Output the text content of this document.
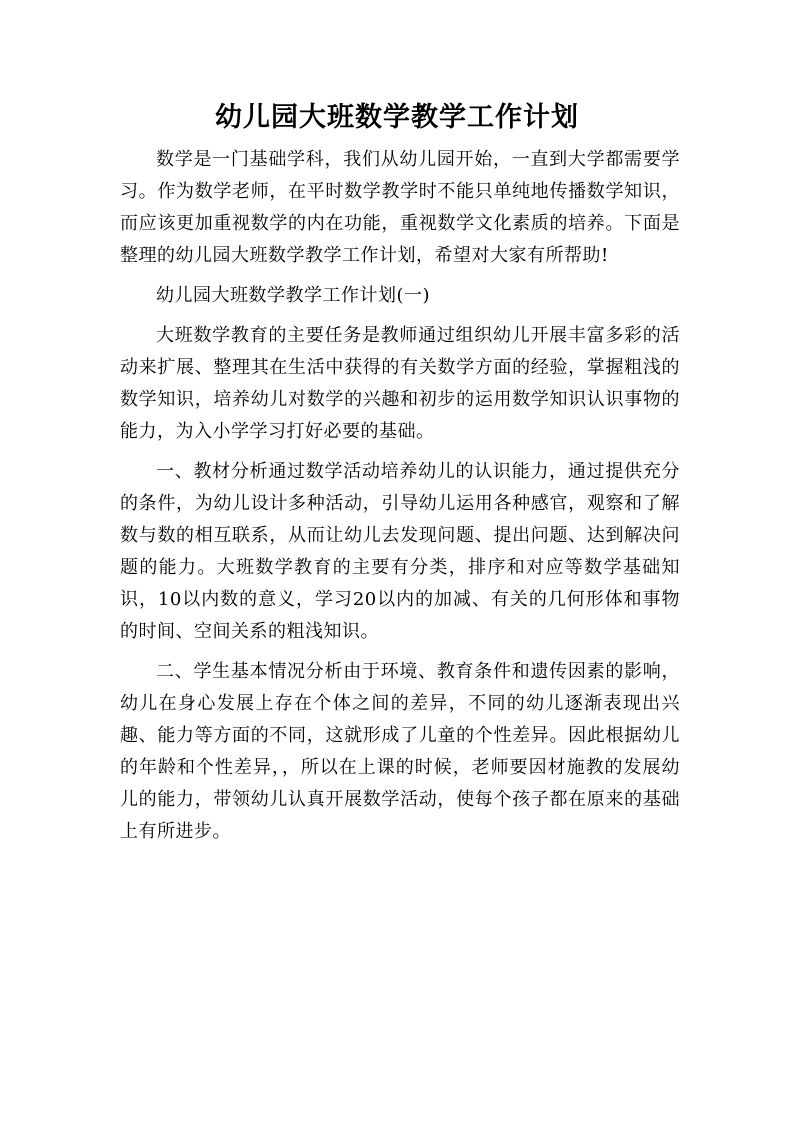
幼儿园大班数学教学工作计划

数学是一门基础学科，我们从幼儿园开始，一直到大学都需要学习。作为数学老师，在平时数学教学时不能只单纯地传播数学知识，而应该更加重视数学的内在功能，重视数学文化素质的培养。下面是整理的幼儿园大班数学教学工作计划，希望对大家有所帮助!

幼儿园大班数学教学工作计划(一)

大班数学教育的主要任务是教师通过组织幼儿开展丰富多彩的活动来扩展、整理其在生活中获得的有关数学方面的经验，掌握粗浅的数学知识，培养幼儿对数学的兴趣和初步的运用数学知识认识事物的能力，为入小学学习打好必要的基础。

一、教材分析通过数学活动培养幼儿的认识能力，通过提供充分的条件，为幼儿设计多种活动，引导幼儿运用各种感官，观察和了解数与数的相互联系，从而让幼儿去发现问题、提出问题、达到解决问题的能力。大班数学教育的主要有分类，排序和对应等数学基础知识，10以内数的意义，学习20以内的加减、有关的几何形体和事物的时间、空间关系的粗浅知识。

二、学生基本情况分析由于环境、教育条件和遗传因素的影响，幼儿在身心发展上存在个体之间的差异，不同的幼儿逐渐表现出兴趣、能力等方面的不同，这就形成了儿童的个性差异。因此根据幼儿的年龄和个性差异，，所以在上课的时候，老师要因材施教的发展幼儿的能力，带领幼儿认真开展数学活动，使每个孩子都在原来的基础上有所进步。
